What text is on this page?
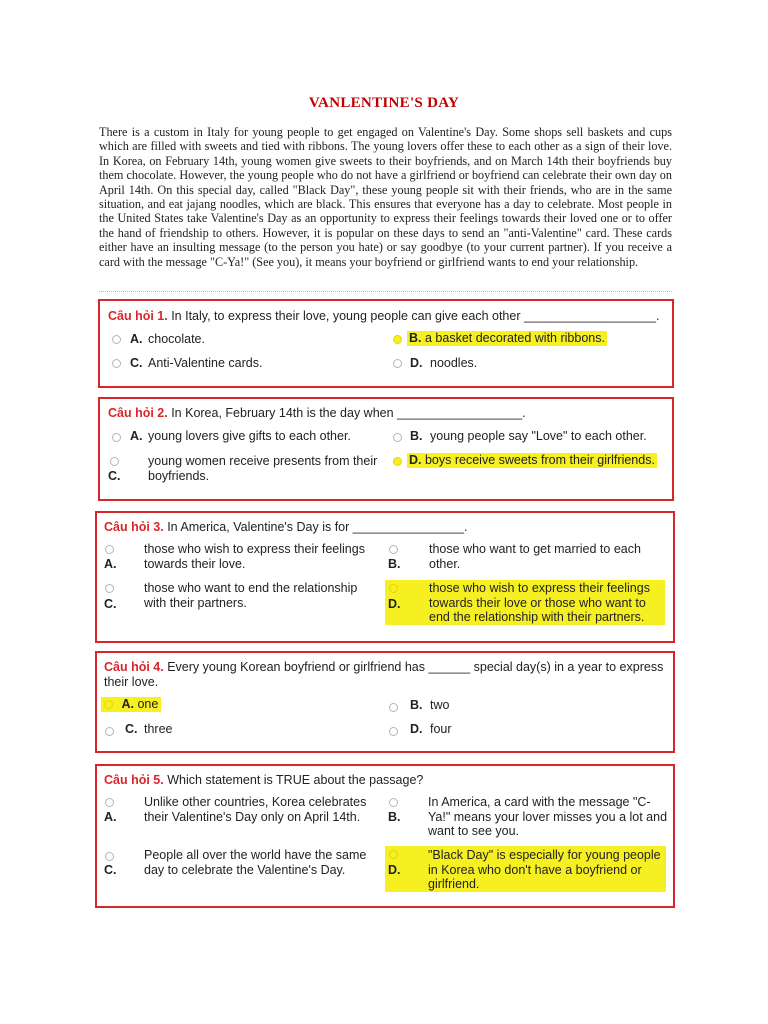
VANLENTINE'S DAY
There is a custom in Italy for young people to get engaged on Valentine's Day. Some shops sell baskets and cups which are filled with sweets and tied with ribbons. The young lovers offer these to each other as a sign of their love. In Korea, on February 14th, young women give sweets to their boyfriends, and on March 14th their boyfriends buy them chocolate. However, the young people who do not have a girlfriend or boyfriend can celebrate their own day on April 14th. On this special day, called "Black Day", these young people sit with their friends, who are in the same situation, and eat jajang noodles, which are black. This ensures that everyone has a day to celebrate. Most people in the United States take Valentine's Day as an opportunity to express their feelings towards their loved one or to offer the hand of friendship to others. However, it is popular on these days to send an "anti-Valentine" card. These cards either have an insulting message (to the person you hate) or say goodbye (to your current partner). If you receive a card with the message "C-Ya!" (See you), it means your boyfriend or girlfriend wants to end your relationship.
Câu hỏi 1. In Italy, to express their love, young people can give each other ___________________.
A. chocolate.	B. a basket decorated with ribbons.
C. Anti-Valentine cards.	D. noodles.
Câu hỏi 2. In Korea, February 14th is the day when __________________.
A. young lovers give gifts to each other.	B. young people say "Love" to each other.
C.
young women receive presents from their boyfriends.
D. boys receive sweets from their girlfriends.
Câu hỏi 3. In America, Valentine's Day is for ________________.
A.
those who wish to express their feelings towards their love.	B.
those who want to get married to each other.
C.
those who want to end the relationship with their partners.	D.
those who wish to express their feelings towards their love or those who want to end the relationship with their partners.
Câu hỏi 4. Every young Korean boyfriend or girlfriend has ______ special day(s) in a year to express their love.
A. one	B. two
C. three	D. four
Câu hỏi 5. Which statement is TRUE about the passage?
A.
Unlike other countries, Korea celebrates their Valentine's Day only on April 14th.	B.
In America, a card with the message "C-Ya!" means your lover misses you a lot and want to see you.
C.
People all over the world have the same day to celebrate the Valentine's Day.	D.
"Black Day" is especially for young people in Korea who don't have a boyfriend or girlfriend.
